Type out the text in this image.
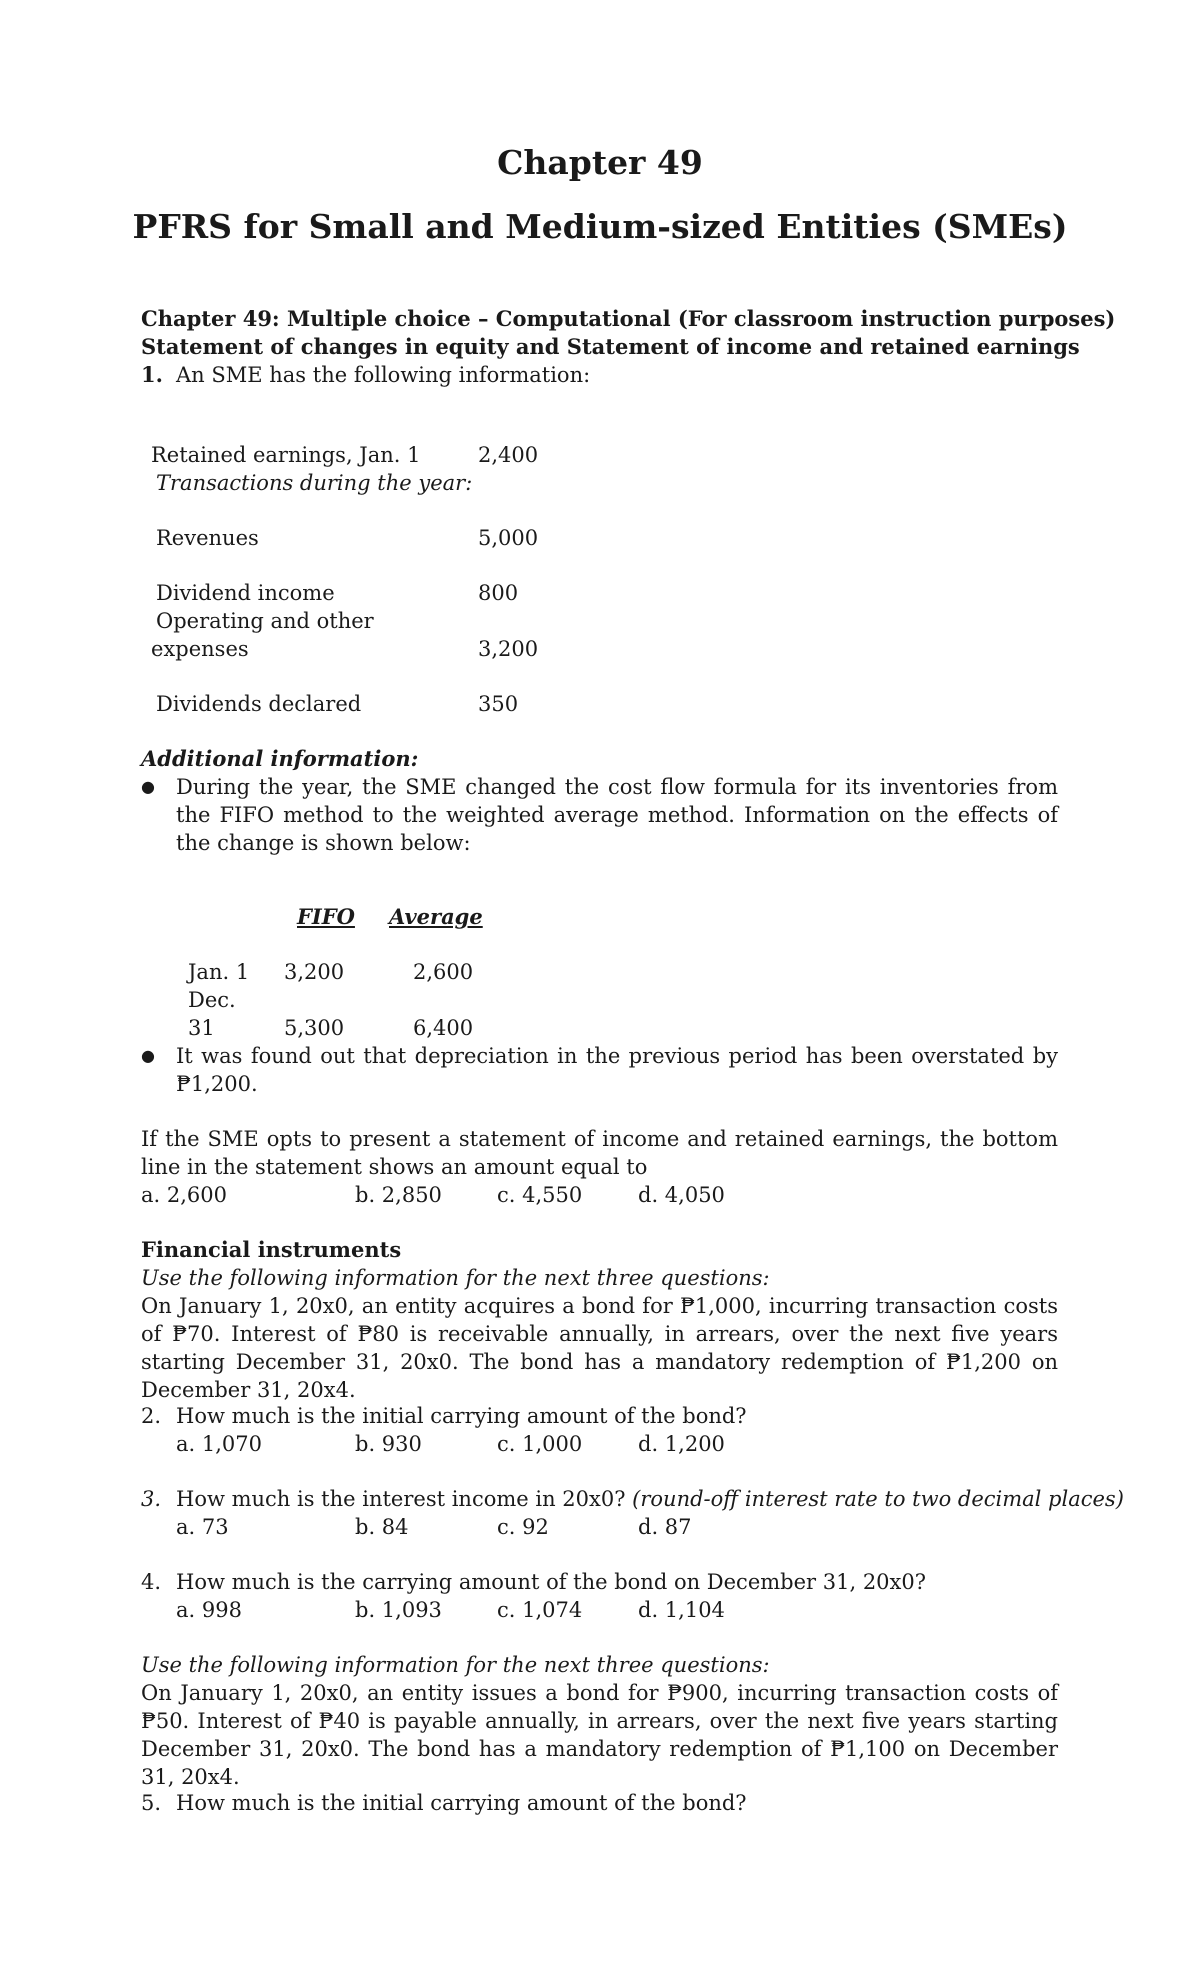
Chapter 49
PFRS for Small and Medium-sized Entities (SMEs)
Chapter 49: Multiple choice – Computational (For classroom instruction purposes)
Statement of changes in equity and Statement of income and retained earnings
1. An SME has the following information:
Retained earnings, Jan. 1	2,400
Transactions during the year:
Revenues	5,000
Dividend income	800
Operating and other
expenses	3,200
Dividends declared	350
Additional information:
● During the year, the SME changed the cost flow formula for its inventories from the FIFO method to the weighted average method. Information on the effects of the change is shown below:
FIFO Average
Jan. 1 3,200	2,600
Dec.
31	5,300	6,400
● It was found out that depreciation in the previous period has been overstated by ₱1,200.
If the SME opts to present a statement of income and retained earnings, the bottom line in the statement shows an amount equal to
a. 2,600	b. 2,850	c. 4,550	d. 4,050
Financial instruments
Use the following information for the next three questions:
On January 1, 20x0, an entity acquires a bond for ₱1,000, incurring transaction costs of ₱70. Interest of ₱80 is receivable annually, in arrears, over the next five years starting December 31, 20x0. The bond has a mandatory redemption of ₱1,200 on December 31, 20x4.
2. How much is the initial carrying amount of the bond?
a. 1,070	b. 930	c. 1,000	d. 1,200
3. How much is the interest income in 20x0? (round-off interest rate to two decimal places)
a. 73	b. 84	c. 92	d. 87
4. How much is the carrying amount of the bond on December 31, 20x0?
a. 998	b. 1,093	c. 1,074	d. 1,104
Use the following information for the next three questions:
On January 1, 20x0, an entity issues a bond for ₱900, incurring transaction costs of ₱50. Interest of ₱40 is payable annually, in arrears, over the next five years starting December 31, 20x0. The bond has a mandatory redemption of ₱1,100 on December 31, 20x4.
5. How much is the initial carrying amount of the bond?
